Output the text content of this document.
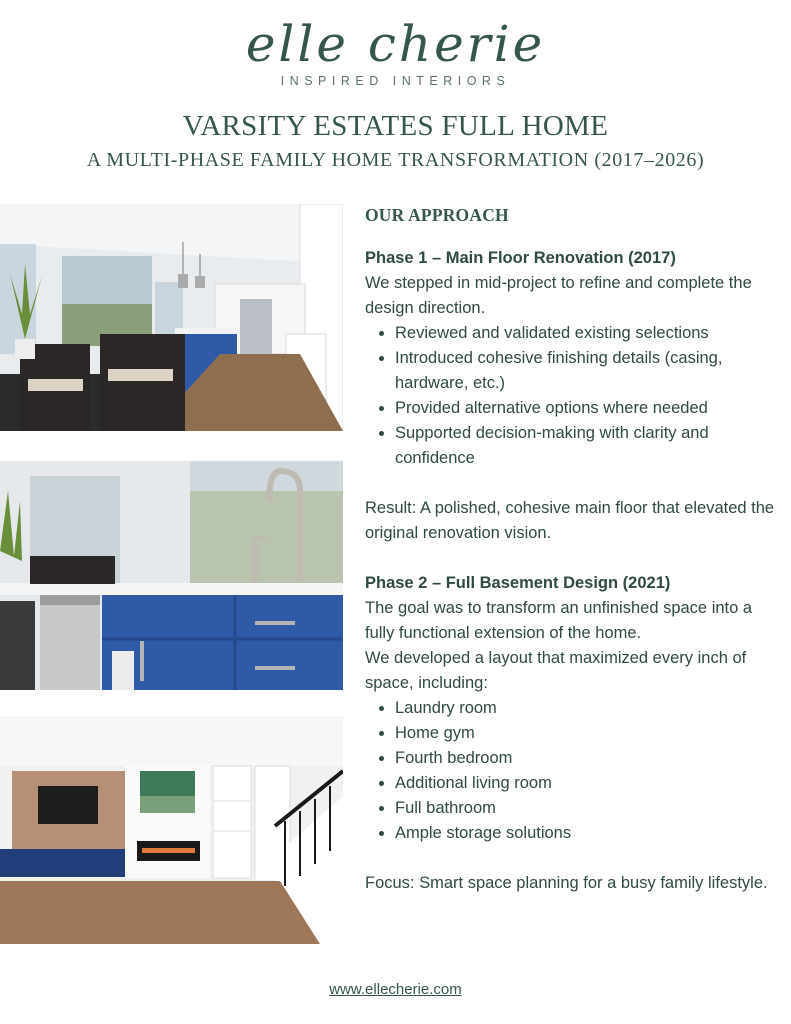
elle cherie
INSPIRED INTERIORS
VARSITY ESTATES FULL HOME
A MULTI-PHASE FAMILY HOME TRANSFORMATION (2017–2026)
OUR APPROACH

Phase 1 – Main Floor Renovation (2017)

We stepped in mid-project to refine and complete the design direction.

• Reviewed and validated existing selections
• Introduced cohesive finishing details (casing, hardware, etc.)
• Provided alternative options where needed
• Supported decision-making with clarity and confidence

Result: A polished, cohesive main floor that elevated the original renovation vision.

Phase 2 – Full Basement Design (2021)

The goal was to transform an unfinished space into a fully functional extension of the home.

We developed a layout that maximized every inch of space, including:

• Laundry room
• Home gym
• Fourth bedroom
• Additional living room
• Full bathroom
• Ample storage solutions

Focus: Smart space planning for a busy family lifestyle.

www.ellecherie.com
